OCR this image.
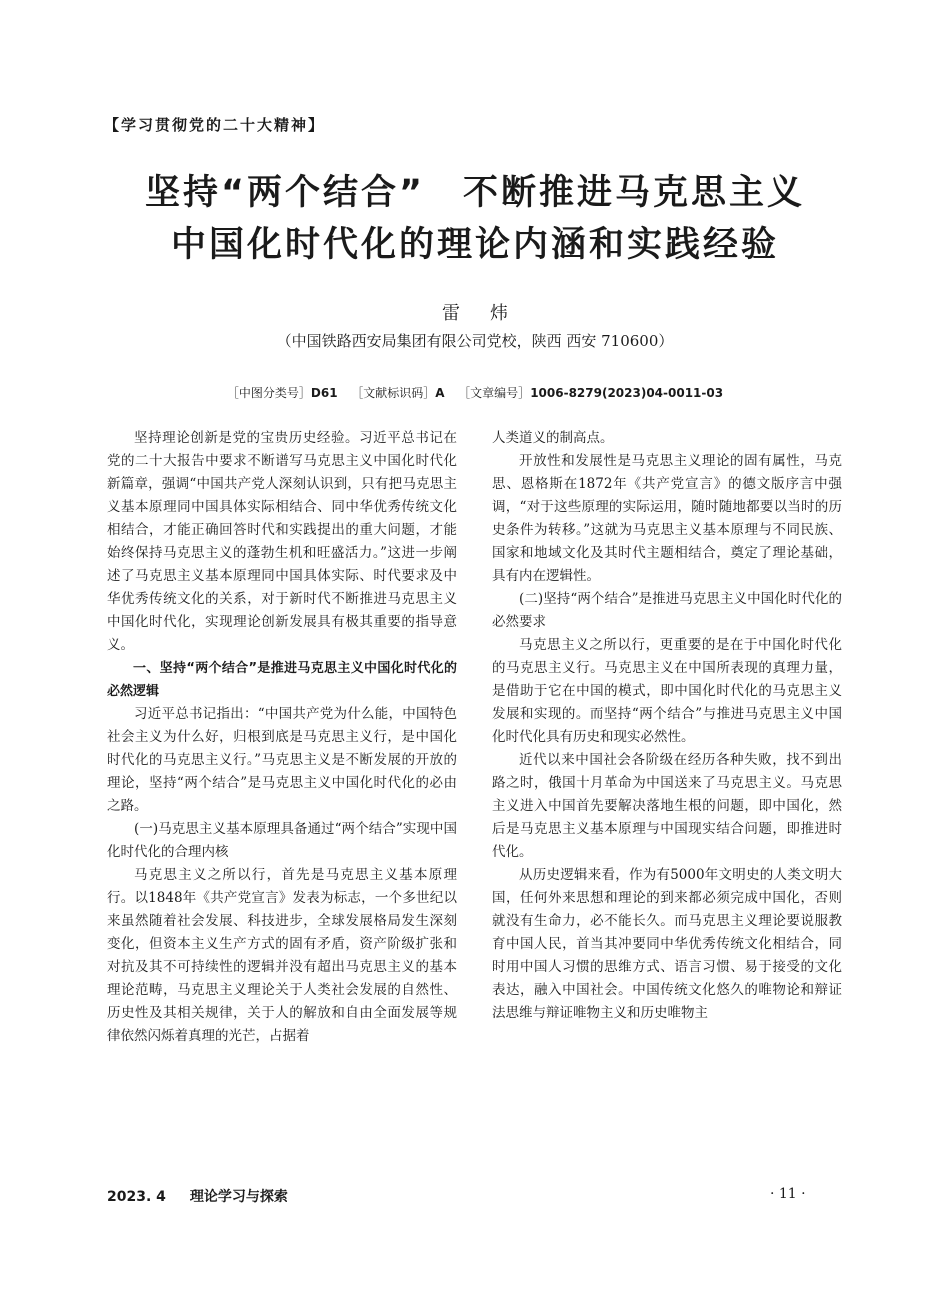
【学习贯彻党的二十大精神】
坚持“两个结合”　不断推进马克思主义
中国化时代化的理论内涵和实践经验
雷炜
（中国铁路西安局集团有限公司党校，陕西 西安 710600）
［中图分类号］D61   ［文献标识码］A   ［文章编号］1006-8279(2023)04-0011-03

坚持理论创新是党的宝贵历史经验。习近平总书记在党的二十大报告中要求不断谱写马克思主义中国化时代化新篇章，强调“中国共产党人深刻认识到，只有把马克思主义基本原理同中国具体实际相结合、同中华优秀传统文化相结合，才能正确回答时代和实践提出的重大问题，才能始终保持马克思主义的蓬勃生机和旺盛活力。”这进一步阐述了马克思主义基本原理同中国具体实际、时代要求及中华优秀传统文化的关系，对于新时代不断推进马克思主义中国化时代化，实现理论创新发展具有极其重要的指导意义。

一、坚持“两个结合”是推进马克思主义中国化时代化的必然逻辑

习近平总书记指出：“中国共产党为什么能，中国特色社会主义为什么好，归根到底是马克思主义行，是中国化时代化的马克思主义行。”马克思主义是不断发展的开放的理论，坚持“两个结合”是马克思主义中国化时代化的必由之路。

(一)马克思主义基本原理具备通过“两个结合”实现中国化时代化的合理内核

马克思主义之所以行，首先是马克思主义基本原理行。以1848年《共产党宣言》发表为标志，一个多世纪以来虽然随着社会发展、科技进步，全球发展格局发生深刻变化，但资本主义生产方式的固有矛盾，资产阶级扩张和对抗及其不可持续性的逻辑并没有超出马克思主义的基本理论范畴，马克思主义理论关于人类社会发展的自然性、历史性及其相关规律，关于人的解放和自由全面发展等规律依然闪烁着真理的光芒，占据着

人类道义的制高点。

开放性和发展性是马克思主义理论的固有属性，马克思、恩格斯在1872年《共产党宣言》的德文版序言中强调，“对于这些原理的实际运用，随时随地都要以当时的历史条件为转移。”这就为马克思主义基本原理与不同民族、国家和地域文化及其时代主题相结合，奠定了理论基础，具有内在逻辑性。

(二)坚持“两个结合”是推进马克思主义中国化时代化的必然要求

马克思主义之所以行，更重要的是在于中国化时代化的马克思主义行。马克思主义在中国所表现的真理力量，是借助于它在中国的模式，即中国化时代化的马克思主义发展和实现的。而坚持“两个结合”与推进马克思主义中国化时代化具有历史和现实必然性。

近代以来中国社会各阶级在经历各种失败，找不到出路之时，俄国十月革命为中国送来了马克思主义。马克思主义进入中国首先要解决落地生根的问题，即中国化，然后是马克思主义基本原理与中国现实结合问题，即推进时代化。

从历史逻辑来看，作为有5000年文明史的人类文明大国，任何外来思想和理论的到来都必须完成中国化，否则就没有生命力，必不能长久。而马克思主义理论要说服教育中国人民，首当其冲要同中华优秀传统文化相结合，同时用中国人习惯的思维方式、语言习惯、易于接受的文化表达，融入中国社会。中国传统文化悠久的唯物论和辩证法思维与辩证唯物主义和历史唯物主

2023. 4 理论学习与探索	· 11 ·
